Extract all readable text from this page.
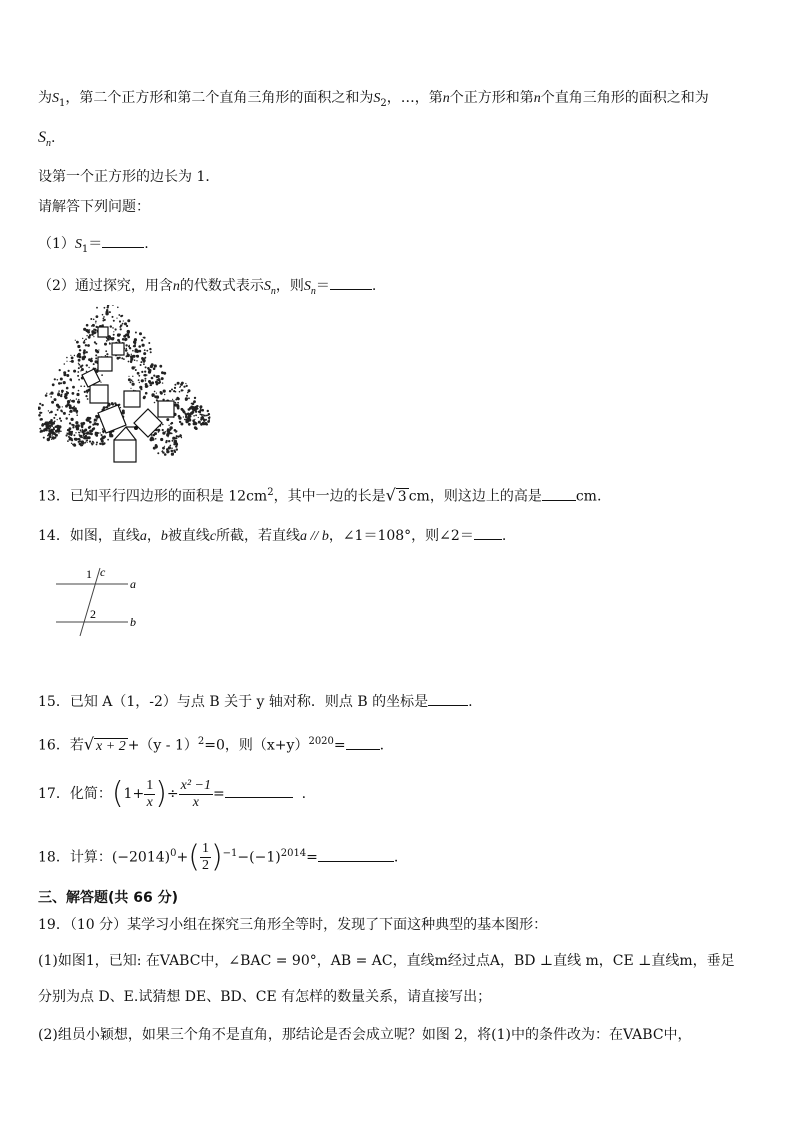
为$S_1$，第二个正方形和第二个直角三角形的面积之和为$S_2$，…，第n个正方形和第n个直角三角形的面积之和为
$S_n$.
设第一个正方形的边长为 1．
请解答下列问题：
$(1)S_1=$	.
（2）通过探究，用含n的代数式表示$S_n$，则$S_n=$	.
13．已知平行四边形的面积是 $12cm^2$，其中一边的长是√ 3 cm，则这边上的高是 cm.
14．如图，直线a，b被直线c所截，若直线a // b，∠1＝108°，则∠2＝ .
1
2
c
a
b
15．已知 A（1，-2）与点 B 关于 y 轴对称．则点 B 的坐标是	.
16．若√ x + 2 +（y - 1）$^2$=0，则$(x+y)^{2020}=$ .
17．化简：($1+ \frac{1}{x}$ )÷ $\frac{\text{x² −1}}{x}$ =	.
18．计算：$(-2014)^0+( \frac{1}{2} )^{-1}-(-1)^{2014}=$	.
三、解答题(共 66 分)
19．（10 分）某学习小组在探究三角形全等时，发现了下面这种典型的基本图形：
(1)如图1，已知: 在VABC中，∠BAC = 90°，AB = AC，直线m经过点A，BD ⊥直线 m，CE ⊥直线m，垂足
分别为点 D、E.试猜想 DE、BD、CE 有怎样的数量关系，请直接写出；
(2)组员小颖想，如果三个角不是直角，那结论是否会成立呢？如图 2，将(1)中的条件改为：在VABC中，
